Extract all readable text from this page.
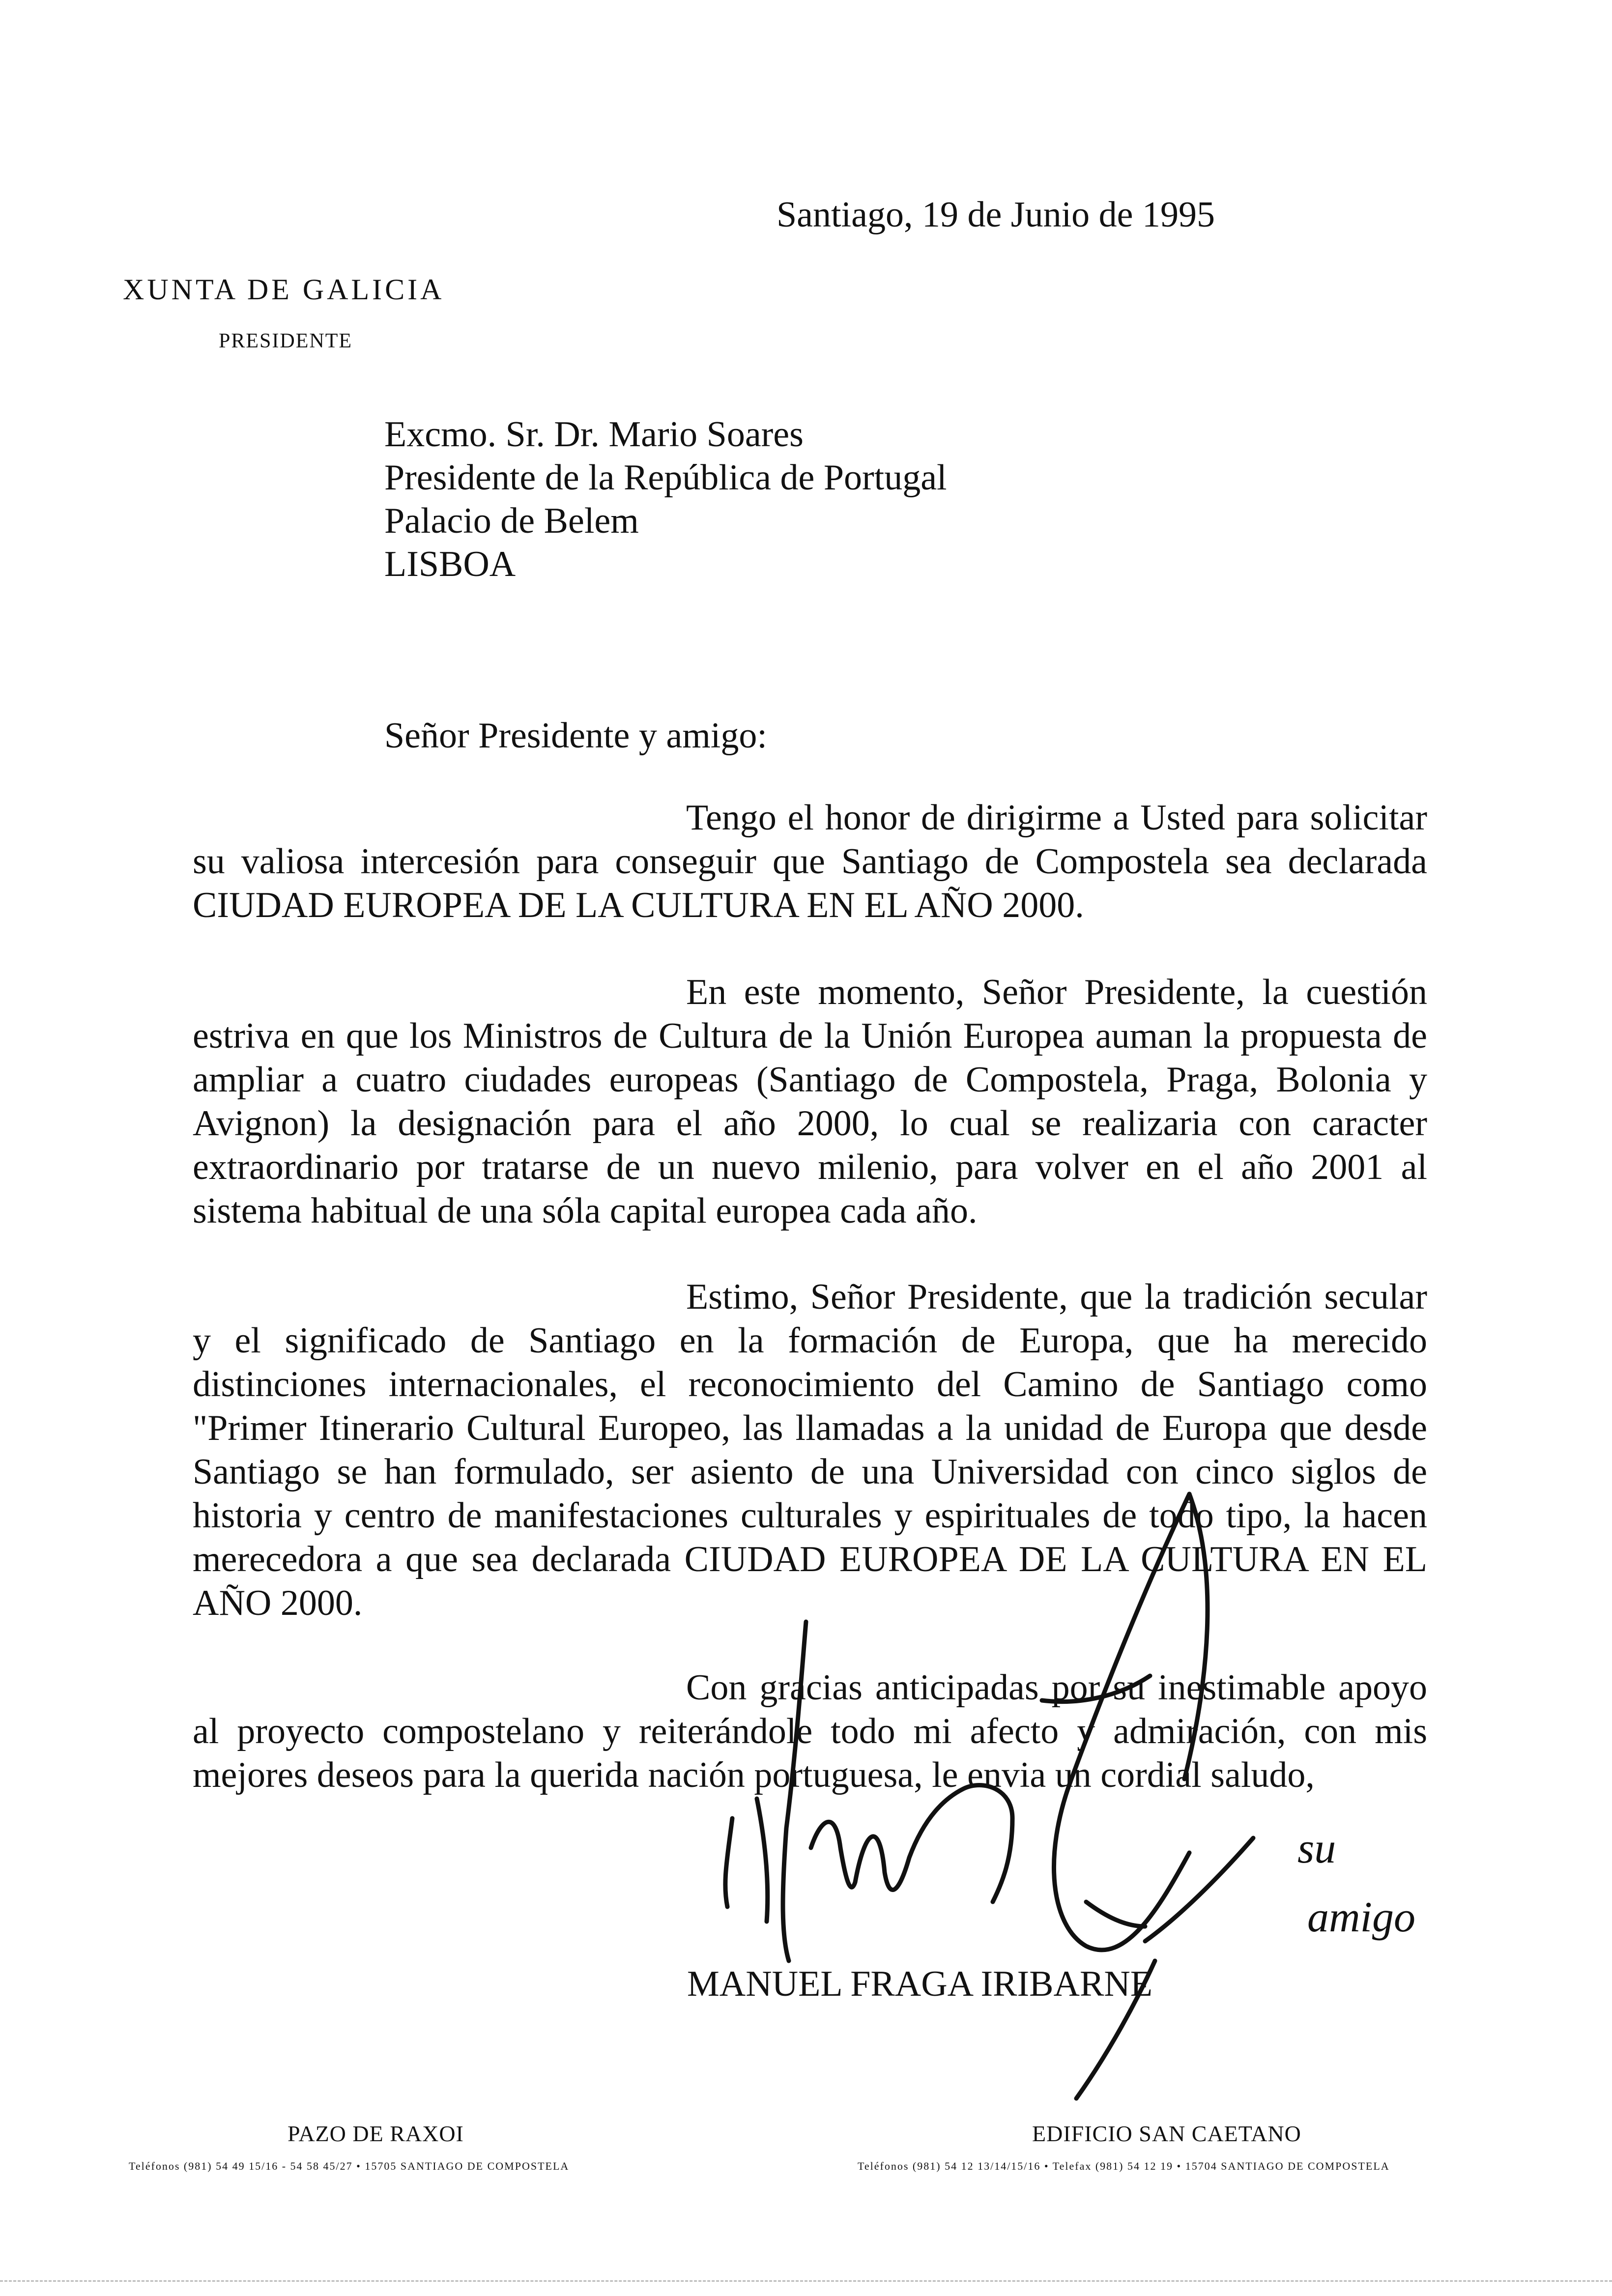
Santiago, 19 de Junio de 1995
XUNTA DE GALICIA
PRESIDENTE
Excmo. Sr. Dr. Mario Soares
Presidente de la República de Portugal
Palacio de Belem
LISBOA
Señor Presidente y amigo:
Tengo el honor de dirigirme a Usted para solicitar su valiosa intercesión para conseguir que Santiago de Compostela sea declarada CIUDAD EUROPEA DE LA CULTURA EN EL AÑO 2000.
En este momento, Señor Presidente, la cuestión estriva en que los Ministros de Cultura de la Unión Europea auman la propuesta de ampliar a cuatro ciudades europeas (Santiago de Compostela, Praga, Bolonia y Avignon) la designación para el año 2000, lo cual se realizaria con caracter extraordinario por tratarse de un nuevo milenio, para volver en el año 2001 al sistema habitual de una sóla capital europea cada año.
Estimo, Señor Presidente, que la tradición secular y el significado de Santiago en la formación de Europa, que ha merecido distinciones internacionales, el reconocimiento del Camino de Santiago como "Primer Itinerario Cultural Europeo, las llamadas a la unidad de Europa que desde Santiago se han formulado, ser asiento de una Universidad con cinco siglos de historia y centro de manifestaciones culturales y espirituales de todo tipo, la hacen merecedora a que sea declarada CIUDAD EUROPEA DE LA CULTURA EN EL AÑO 2000.
Con gracias anticipadas por su inestimable apoyo al proyecto compostelano y reiterándole todo mi afecto y admiración, con mis mejores deseos para la querida nación portuguesa, le envia un cordial saludo,
MANUEL FRAGA IRIBARNE
su
amigo
PAZO DE RAXOI
Teléfonos (981) 54 49 15/16 - 54 58 45/27 • 15705 SANTIAGO DE COMPOSTELA
EDIFICIO SAN CAETANO
Teléfonos (981) 54 12 13/14/15/16 • Telefax (981) 54 12 19 • 15704 SANTIAGO DE COMPOSTELA
